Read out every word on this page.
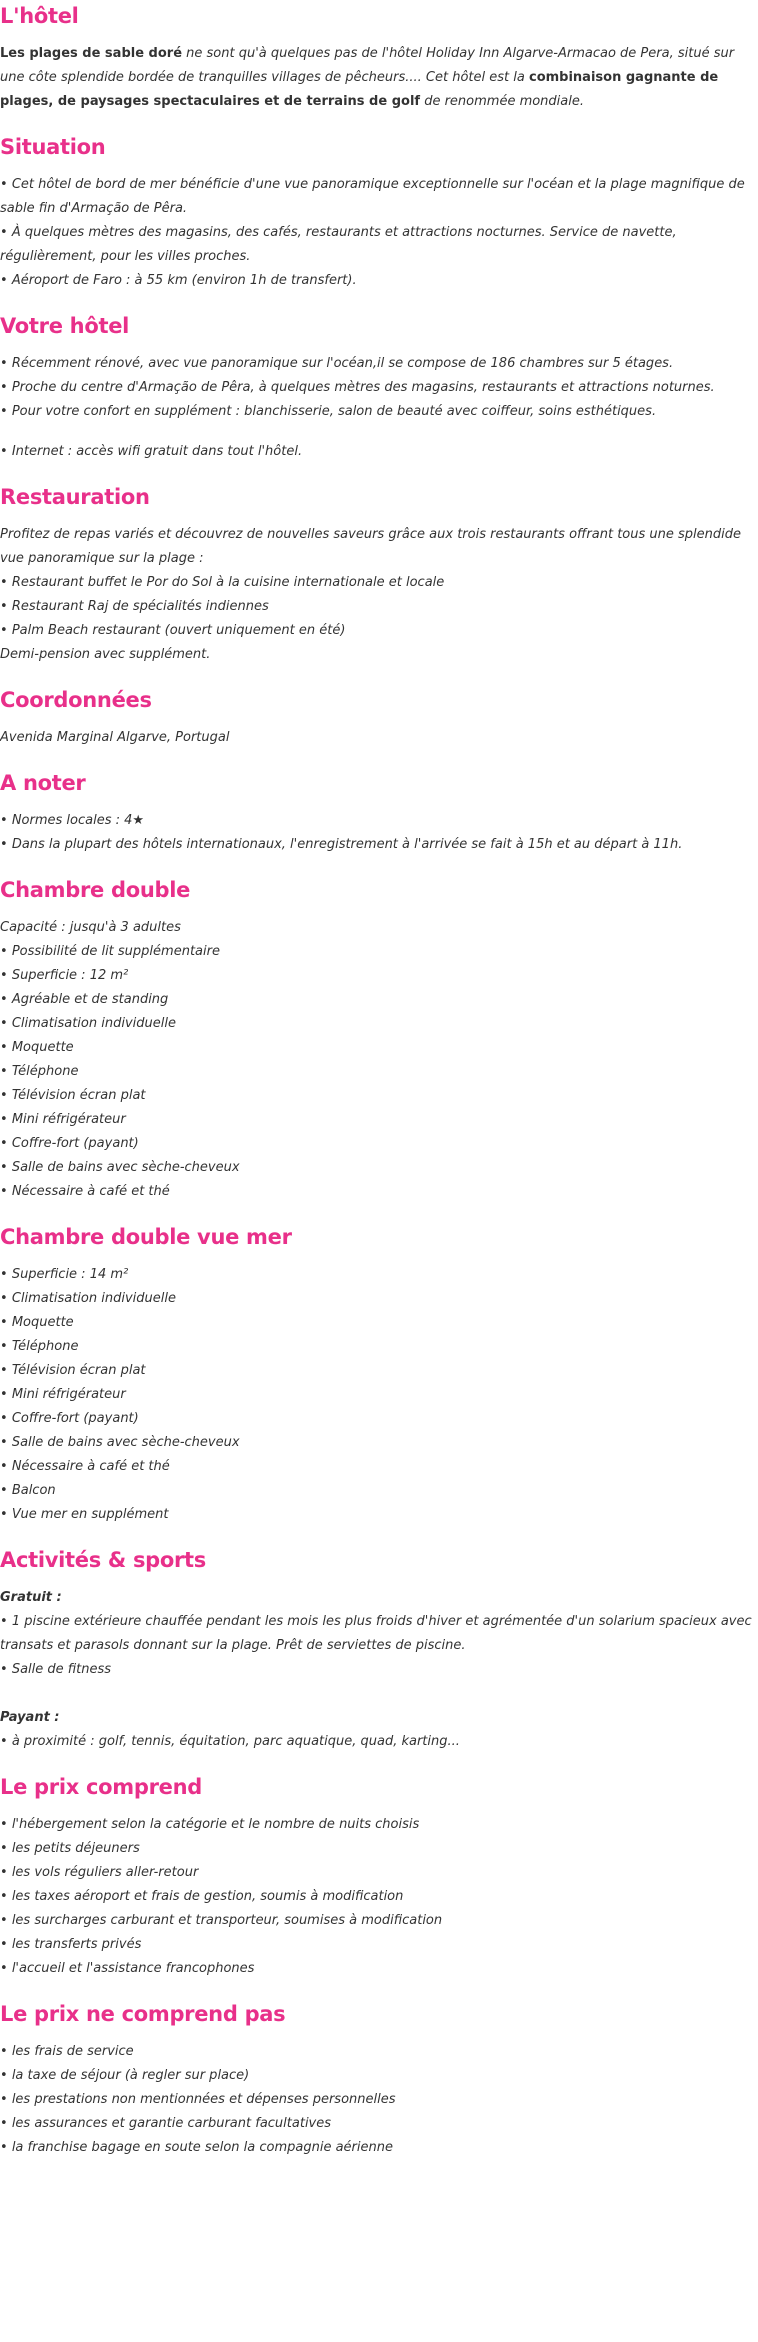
L'hôtel

Les plages de sable doré ne sont qu'à quelques pas de l'hôtel Holiday Inn Algarve-Armacao de Pera, situé sur une côte splendide bordée de tranquilles villages de pêcheurs.... Cet hôtel est la combinaison gagnante de plages, de paysages spectaculaires et de terrains de golf de renommée mondiale.

Situation

• Cet hôtel de bord de mer bénéficie d'une vue panoramique exceptionnelle sur l'océan et la plage magnifique de sable fin d'Armação de Pêra.

• À quelques mètres des magasins, des cafés, restaurants et attractions nocturnes. Service de navette, régulièrement, pour les villes proches.

• Aéroport de Faro : à 55 km (environ 1h de transfert).

Votre hôtel

• Récemment rénové, avec vue panoramique sur l'océan,il se compose de 186 chambres sur 5 étages.

• Proche du centre d'Armação de Pêra, à quelques mètres des magasins, restaurants et attractions noturnes.

• Pour votre confort en supplément : blanchisserie, salon de beauté avec coiffeur, soins esthétiques.

• Internet : accès wifi gratuit dans tout l'hôtel.

Restauration

Profitez de repas variés et découvrez de nouvelles saveurs grâce aux trois restaurants offrant tous une splendide vue panoramique sur la plage :

• Restaurant buffet le Por do Sol à la cuisine internationale et locale

• Restaurant Raj de spécialités indiennes

• Palm Beach restaurant (ouvert uniquement en été)

Demi-pension avec supplément.

Coordonnées

Avenida Marginal Algarve, Portugal

A noter

• Normes locales : 4★

• Dans la plupart des hôtels internationaux, l'enregistrement à l'arrivée se fait à 15h et au départ à 11h.

Chambre double

Capacité : jusqu'à 3 adultes

• Possibilité de lit supplémentaire

• Superficie : 12 m²

• Agréable et de standing

• Climatisation individuelle

• Moquette

• Téléphone

• Télévision écran plat

• Mini réfrigérateur

• Coffre-fort (payant)

• Salle de bains avec sèche-cheveux

• Nécessaire à café et thé

Chambre double vue mer

• Superficie : 14 m²

• Climatisation individuelle

• Moquette

• Téléphone

• Télévision écran plat

• Mini réfrigérateur

• Coffre-fort (payant)

• Salle de bains avec sèche-cheveux

• Nécessaire à café et thé

• Balcon

• Vue mer en supplément

Activités & sports

Gratuit :

• 1 piscine extérieure chauffée pendant les mois les plus froids d'hiver et agrémentée d'un solarium spacieux avec transats et parasols donnant sur la plage. Prêt de serviettes de piscine.

• Salle de fitness

Payant :

• à proximité : golf, tennis, équitation, parc aquatique, quad, karting...

Le prix comprend

• l'hébergement selon la catégorie et le nombre de nuits choisis

• les petits déjeuners

• les vols réguliers aller-retour

• les taxes aéroport et frais de gestion, soumis à modification

• les surcharges carburant et transporteur, soumises à modification

• les transferts privés

• l'accueil et l'assistance francophones

Le prix ne comprend pas

• les frais de service

• la taxe de séjour (à regler sur place)

• les prestations non mentionnées et dépenses personnelles

• les assurances et garantie carburant facultatives

• la franchise bagage en soute selon la compagnie aérienne
